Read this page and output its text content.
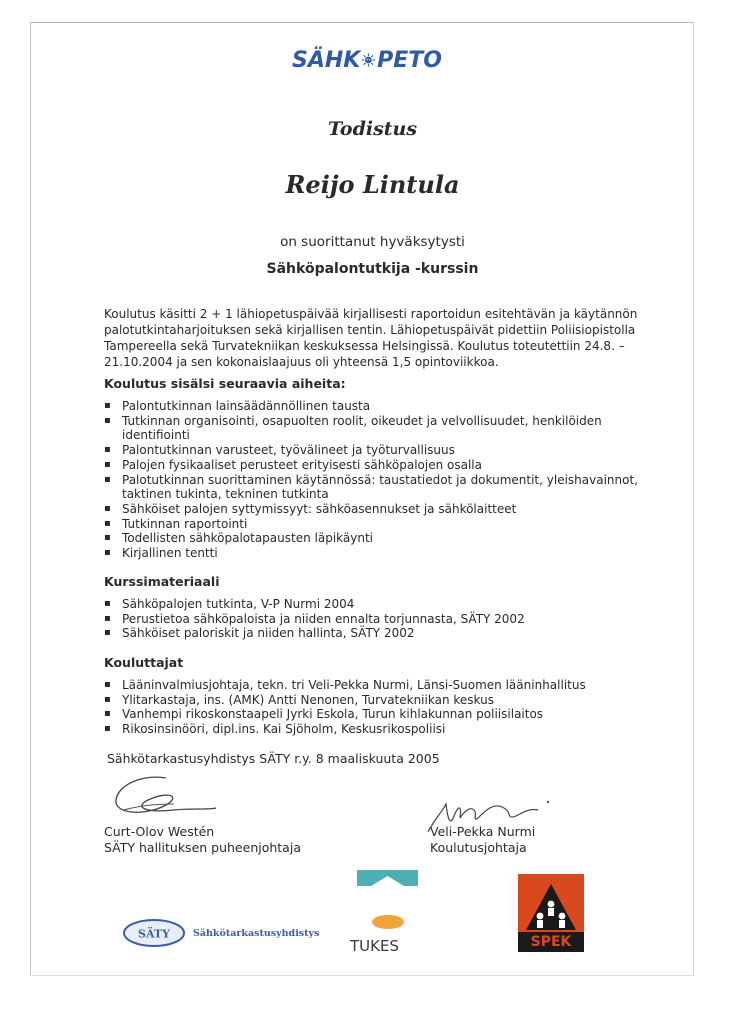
SÄHK PETO
Todistus
Reijo Lintula
on suorittanut hyväksytysti
Sähköpalontutkija -kurssin

Koulutus käsitti 2 + 1 lähiopetuspäivää kirjallisesti raportoidun esitehtävän ja käytännön palotutkintaharjoituksen sekä kirjallisen tentin. Lähiopetuspäivät pidettiin Poliisiopistolla Tampereella sekä Turvatekniikan keskuksessa Helsingissä. Koulutus toteutettiin 24.8. – 21.10.2004 ja sen kokonaislaajuus oli yhteensä 1,5 opintoviikkoa.

Koulutus sisälsi seuraavia aiheita:

▪ Palontutkinnan lainsäädännöllinen tausta
▪ Tutkinnan organisointi, osapuolten roolit, oikeudet ja velvollisuudet, henkilöiden identifiointi
▪ Palontutkinnan varusteet, työvälineet ja työturvallisuus
▪ Palojen fysikaaliset perusteet erityisesti sähköpalojen osalla
▪ Palotutkinnan suorittaminen käytännössä: taustatiedot ja dokumentit, yleishavainnot, taktinen tukinta, tekninen tutkinta
▪ Sähköiset palojen syttymissyyt: sähköasennukset ja sähkölaitteet
▪ Tutkinnan raportointi
▪ Todellisten sähköpalotapausten läpikäynti
▪ Kirjallinen tentti

Kurssimateriaali

▪ Sähköpalojen tutkinta, V-P Nurmi 2004
▪ Perustietoa sähköpaloista ja niiden ennalta torjunnasta, SÄTY 2002
▪ Sähköiset paloriskit ja niiden hallinta, SÄTY 2002

Kouluttajat

▪ Lääninvalmiusjohtaja, tekn. tri Veli-Pekka Nurmi, Länsi-Suomen lääninhallitus
▪ Ylitarkastaja, ins. (AMK) Antti Nenonen, Turvatekniikan keskus
▪ Vanhempi rikoskonstaapeli Jyrki Eskola, Turun kihlakunnan poliisilaitos
▪ Rikosinsinööri, dipl.ins. Kai Sjöholm, Keskusrikospoliisi
Sähkötarkastusyhdistys SÄTY r.y. 8 maaliskuuta 2005
Curt-Olov Westén
SÄTY hallituksen puheenjohtaja
Veli-Pekka Nurmi
Koulutusjohtaja
SÄTY Sähkötarkastusyhdistys
TUKES	SPEK
